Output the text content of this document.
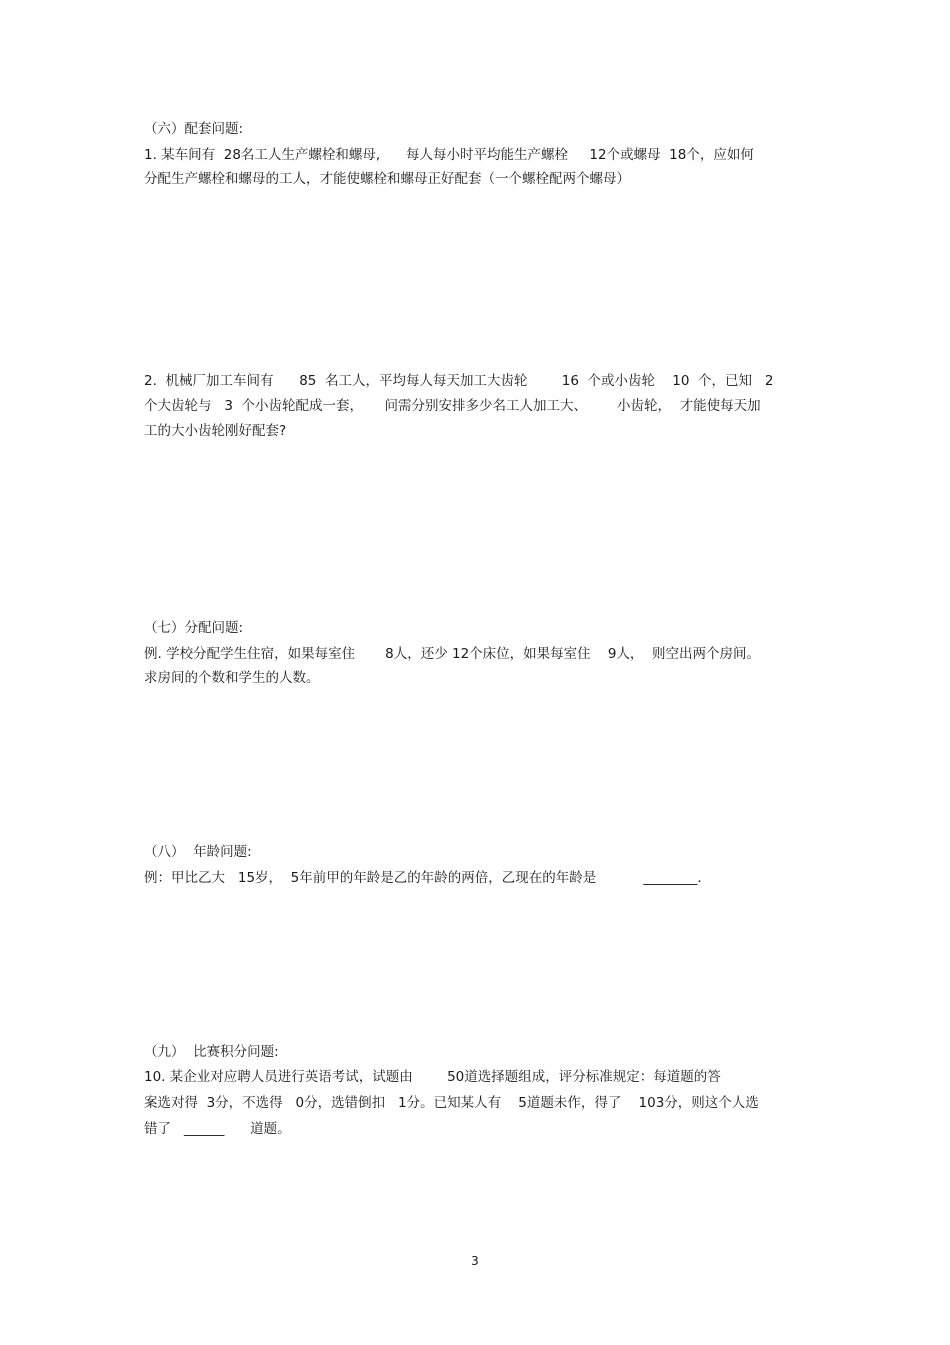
（六）配套问题:
1. 某车间有  28名工人生产螺栓和螺母,      每人每小时平均能生产螺栓     12个或螺母  18个，应如何
分配生产螺栓和螺母的工人，才能使螺栓和螺母正好配套（一个螺栓配两个螺母）
2.  机械厂加工车间有      85  名工人，平均每人每天加工大齿轮        16  个或小齿轮    10  个，已知   2
个大齿轮与   3  个小齿轮配成一套，     问需分别安排多少名工人加工大、       小齿轮，  才能使每天加
工的大小齿轮刚好配套?
（七）分配问题:
例. 学校分配学生住宿，如果每室住       8人，还少 12个床位，如果每室住    9人，  则空出两个房间。
求房间的个数和学生的人数。
（八）  年龄问题:
例：甲比乙大   15岁，  5年前甲的年龄是乙的年龄的两倍，乙现在的年龄是           ________.
（九）  比赛积分问题:
10. 某企业对应聘人员进行英语考试，试题由        50道选择题组成，评分标准规定：每道题的答
案选对得  3分，不选得   0分，选错倒扣   1分。已知某人有    5道题未作，得了    103分，则这个人选
错了   ______      道题。
3
